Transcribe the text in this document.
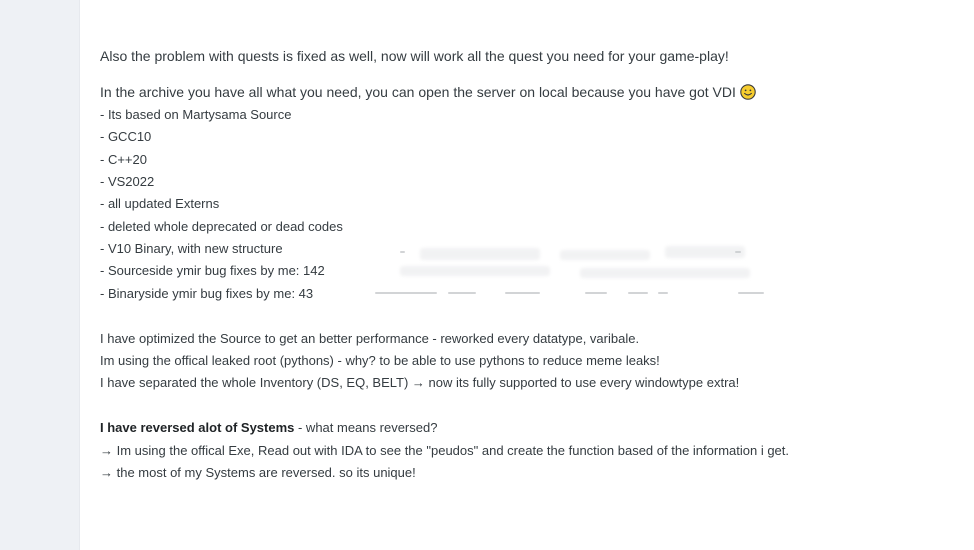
Also the problem with quests is fixed as well, now will work all the quest you need for your game-play!
In the archive you have all what you need, you can open the server on local because you have got VDI
- Its based on Martysama Source
- GCC10
- C++20
- VS2022
- all updated Externs
- deleted whole deprecated or dead codes
- V10 Binary, with new structure
- Sourceside ymir bug fixes by me: 142
- Binaryside ymir bug fixes by me: 43
I have optimized the Source to get an better performance - reworked every datatype, varibale.
Im using the offical leaked root (pythons) - why? to be able to use pythons to reduce meme leaks!
I have separated the whole Inventory (DS, EQ, BELT) → now its fully supported to use every windowtype extra!
I have reversed alot of Systems - what means reversed?
→ Im using the offical Exe, Read out with IDA to see the "peudos" and create the function based of the information i get.
→ the most of my Systems are reversed. so its unique!
